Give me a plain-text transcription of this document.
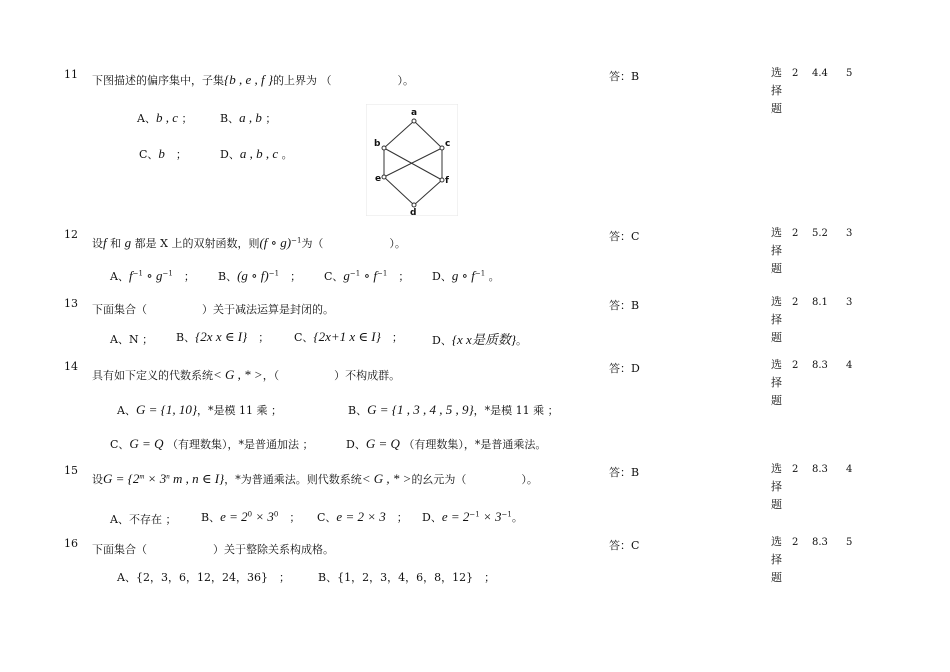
11 下图描述的偏序集中，子集{b , e , f }的上界为 （　　　　　　）。
A、b , c ；	B、a , b ；
C、b　 ；	D、a , b , c 。
a
b	c
e	f
d
答：B	选择题
2 4.4 5
12
设f 和 g 都是 X 上的双射函数，则(f ∘ g)$^{-1}$为（　　　　　　）。
A、$f^{-1}$ ∘ $g^{-1}$　 ； B、(g ∘ f)$^{-1}$　 ； C、$g^{-1}$ ∘ $f^{-1}$　 ； D、g ∘ $f^{-1}$ 。
答：C	选择题
2 5.2 3
13 下面集合（　　　　　）关于减法运算是封闭的。
A、N ； B、{2x x ∈ I}　 ； C、{2x+1 x ∈ I}　 ；	D、{x x是质数}。
答：B	选择题
2 8.1 3
14
具有如下定义的代数系统< G , * >，（　　　　　）不构成群。
A、G = {1, 10}，*是模 11 乘 ；	B、G = {1 , 3 , 4 , 5 , 9}，*是模 11 乘 ；
C、G = Q （有理数集），*是普通加法 ；	D、G = Q （有理数集），*是普通乘法。
答：D	选择题
2 8.3 4
15
设$G = \{2^m \times 3^n$ m , n ∈ I}，*为普通乘法。则代数系统< G , * >的幺元为（　　　　　）。
A、不存在 ； B、$e = 2^0 \times 3^0$　 ； C、e = 2 × 3　 ； D、$e = 2^{-1} \times 3^{-1}$。
答：B	选择题
2 8.3 4
16 下面集合（　　　　　　）关于整除关系构成格。
A、{2，3，6，12，24，36}　 ；	B、{1，2，3，4，6，8，12}　 ；
答：C	选择题
2 8.3 5
